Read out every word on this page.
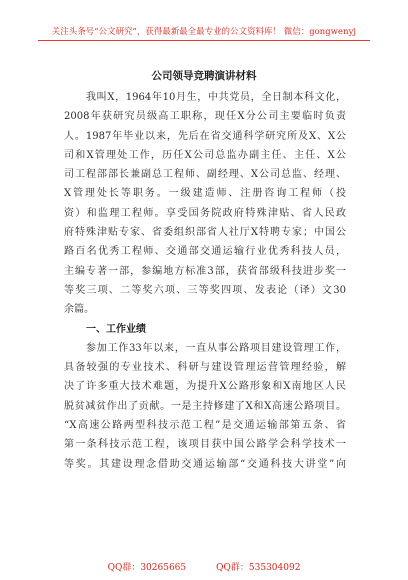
关注头条号“公文研究”，获得最新最全最专业的公文资料库！ 微信：gongwenyj
公司领导竞聘演讲材料
我叫X，1964年10月生，中共党员，全日制本科文化，
2008年获研究员级高工职称，现任X分公司主要临时负责
人。1987年毕业以来，先后在省交通科学研究所及X、X公
司和X管理处工作，历任X公司总监办副主任、主任、X公
司工程部部长兼副总工程师、副经理、X公司总监、经理、
X管理处长等职务。一级建造师、注册咨询工程师（投
资）和监理工程师。享受国务院政府特殊津贴、省人民政
府特殊津贴专家、省委组织部省人社厅X特聘专家；中国公
路百名优秀工程师、交通部交通运输行业优秀科技人员，
主编专著一部，参编地方标准3部，获省部级科技进步奖一
等奖三项、二等奖六项、三等奖四项、发表论（译）文30
余篇。
一、工作业绩
参加工作33年以来，一直从事公路项目建设管理工作，
具备较强的专业技术、科研与建设管理运营管理经验，解
决了许多重大技术难题，为提升X公路形象和X南地区人民
脱贫减贫作出了贡献。一是主持修建了X和X高速公路项目。
“X高速公路两型科技示范工程”是交通运输部第五条、省
第一条科技示范工程，该项目获中国公路学会科学技术一
等奖。其建设理念借助交通运输部“交通科技大讲堂”向
QQ群：30265665	QQ群：535304092
